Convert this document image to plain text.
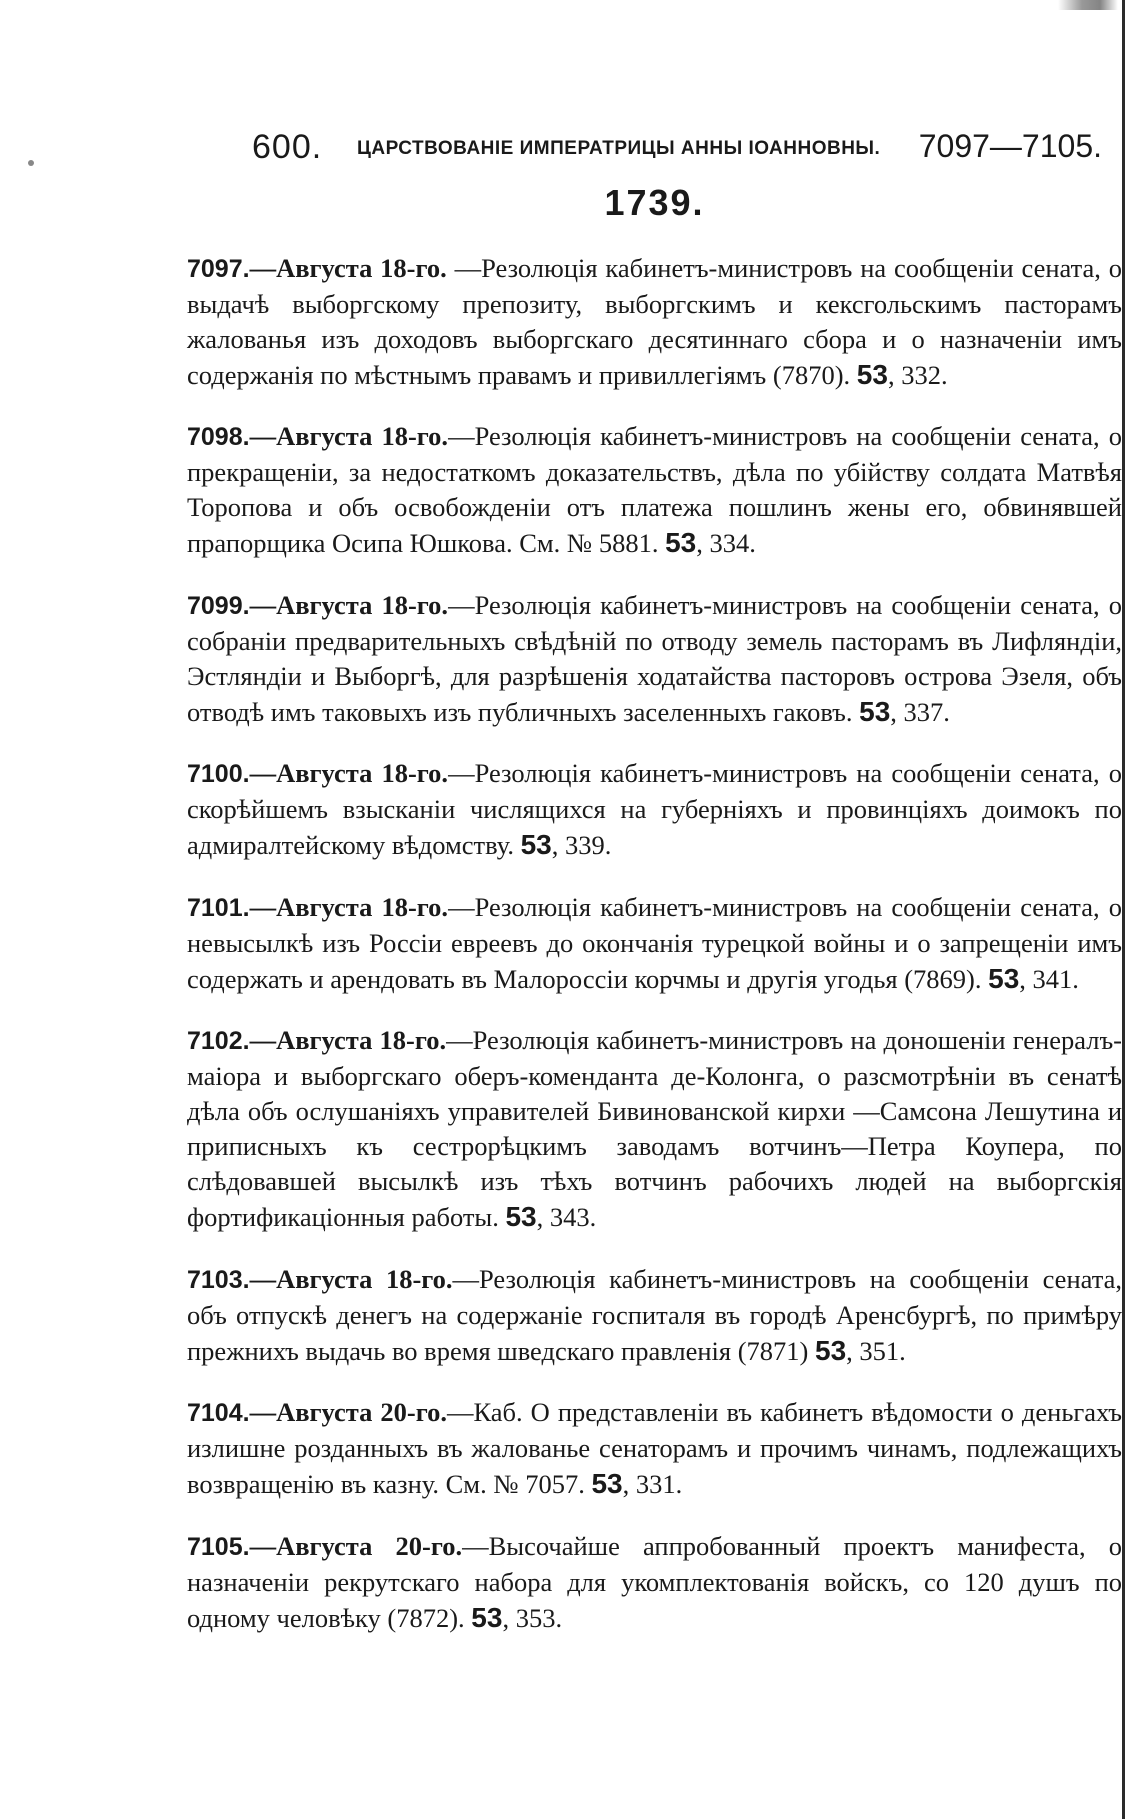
600. ЦАРСТВОВАНІЕ ИМПЕРАТРИЦЫ АННЫ ІОАННОВНЫ. 7097—7105.
1739.

7097.—Августа 18-го. —Резолюція кабинетъ-министровъ на сообщеніи сената, о выдачѣ выборгскому препозиту, выборгскимъ и кексгольскимъ пасторамъ жалованья изъ доходовъ выборгскаго десятиннаго сбора и о назначеніи имъ содержанія по мѣстнымъ правамъ и привиллегіямъ (7870). 53, 332.

7098.—Августа 18-го.—Резолюція кабинетъ-министровъ на сообщеніи сената, о прекращеніи, за недостаткомъ доказательствъ, дѣла по убійству солдата Матвѣя Торопова и объ освобожденіи отъ платежа пошлинъ жены его, обвинявшей прапорщика Осипа Юшкова. См. № 5881. 53, 334.

7099.—Августа 18-го.—Резолюція кабинетъ-министровъ на сообщеніи сената, о собраніи предварительныхъ свѣдѣній по отводу земель пасторамъ въ Лифляндіи, Эстляндіи и Выборгѣ, для разрѣшенія ходатайства пасторовъ острова Эзеля, объ отводѣ имъ таковыхъ изъ публичныхъ заселенныхъ гаковъ. 53, 337.

7100.—Августа 18-го.—Резолюція кабинетъ-министровъ на сообщеніи сената, о скорѣйшемъ взысканіи числящихся на губерніяхъ и провинціяхъ доимокъ по адмиралтейскому вѣдомству. 53, 339.

7101.—Августа 18-го.—Резолюція кабинетъ-министровъ на сообщеніи сената, о невысылкѣ изъ Россіи евреевъ до окончанія турецкой войны и о запрещеніи имъ содержать и арендовать въ Малороссіи корчмы и другія угодья (7869). 53, 341.

7102.—Августа 18-го.—Резолюція кабинетъ-министровъ на доношеніи генералъ-маіора и выборгскаго оберъ-коменданта де-Колонга, о разсмотрѣніи въ сенатѣ дѣла объ ослушаніяхъ управителей Бивинованской кирхи —Самсона Лешутина и приписныхъ къ сестрорѣцкимъ заводамъ вотчинъ—Петра Коупера, по слѣдовавшей высылкѣ изъ тѣхъ вотчинъ рабочихъ людей на выборгскія фортификаціонныя работы. 53, 343.

7103.—Августа 18-го.—Резолюція кабинетъ-министровъ на сообщеніи сената, объ отпускѣ денегъ на содержаніе госпиталя въ городѣ Аренсбургѣ, по примѣру прежнихъ выдачь во время шведскаго правленія (7871) 53, 351.

7104.—Августа 20-го.—Каб. О представленіи въ кабинетъ вѣдомости о деньгахъ излишне розданныхъ въ жалованье сенаторамъ и прочимъ чинамъ, подлежащихъ возвращенію въ казну. См. № 7057. 53, 331.

7105.—Августа 20-го.—Высочайше аппробованный проектъ манифеста, о назначеніи рекрутскаго набора для укомплектованія войскъ, со 120 душъ по одному человѣку (7872). 53, 353.
